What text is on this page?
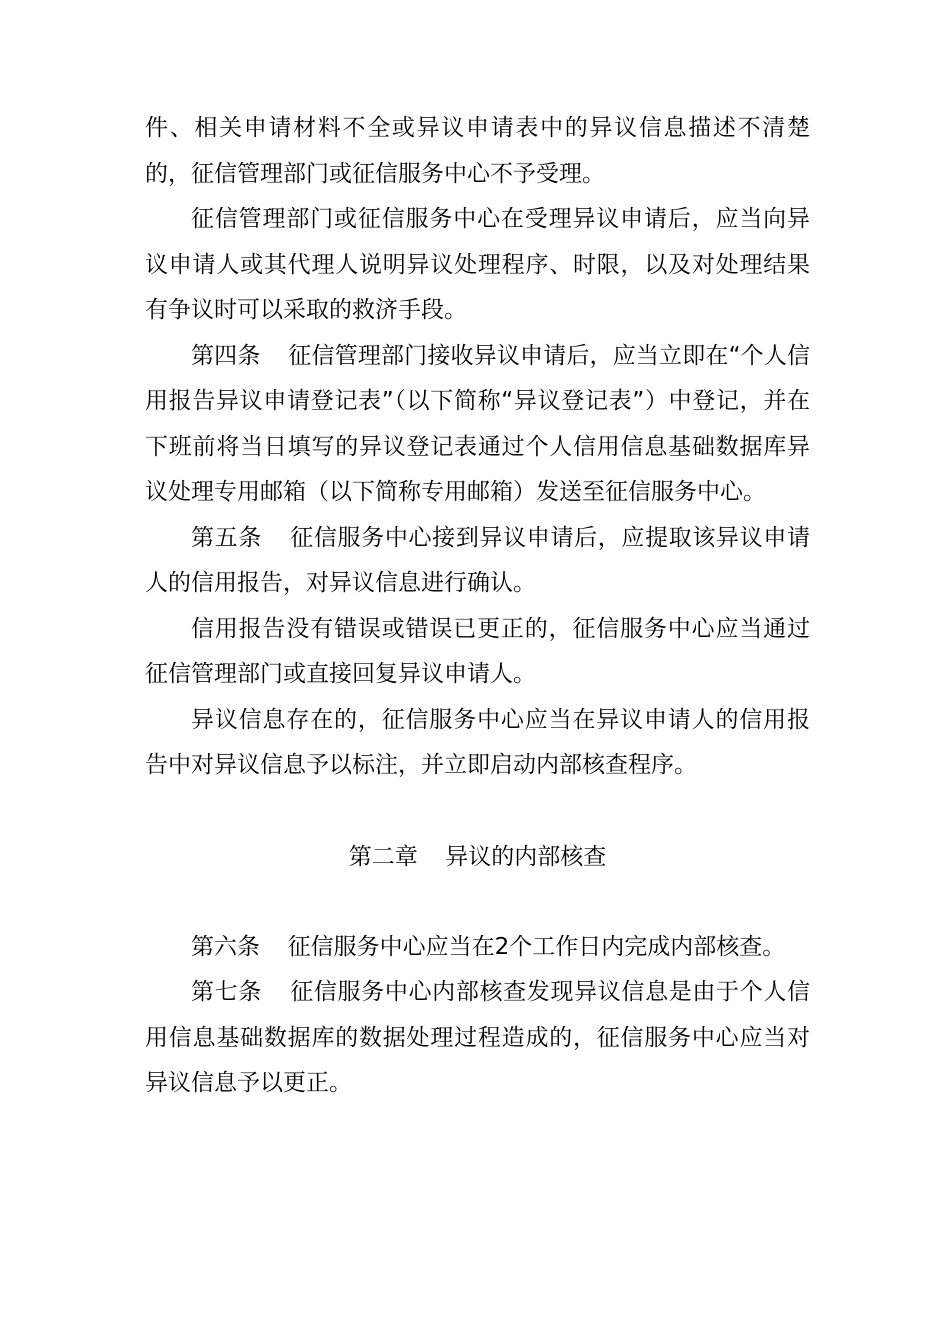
件、相关申请材料不全或异议申请表中的异议信息描述不清楚的，征信管理部门或征信服务中心不予受理。

征信管理部门或征信服务中心在受理异议申请后，应当向异议申请人或其代理人说明异议处理程序、时限，以及对处理结果有争议时可以采取的救济手段。

第四条 征信管理部门接收异议申请后，应当立即在“个人信用报告异议申请登记表”（以下简称“异议登记表”）中登记，并在下班前将当日填写的异议登记表通过个人信用信息基础数据库异议处理专用邮箱（以下简称专用邮箱）发送至征信服务中心。

第五条 征信服务中心接到异议申请后，应提取该异议申请人的信用报告，对异议信息进行确认。

信用报告没有错误或错误已更正的，征信服务中心应当通过征信管理部门或直接回复异议申请人。

异议信息存在的，征信服务中心应当在异议申请人的信用报告中对异议信息予以标注，并立即启动内部核查程序。

第二章 异议的内部核查

第六条 征信服务中心应当在2个工作日内完成内部核查。

第七条 征信服务中心内部核查发现异议信息是由于个人信用信息基础数据库的数据处理过程造成的，征信服务中心应当对异议信息予以更正。
